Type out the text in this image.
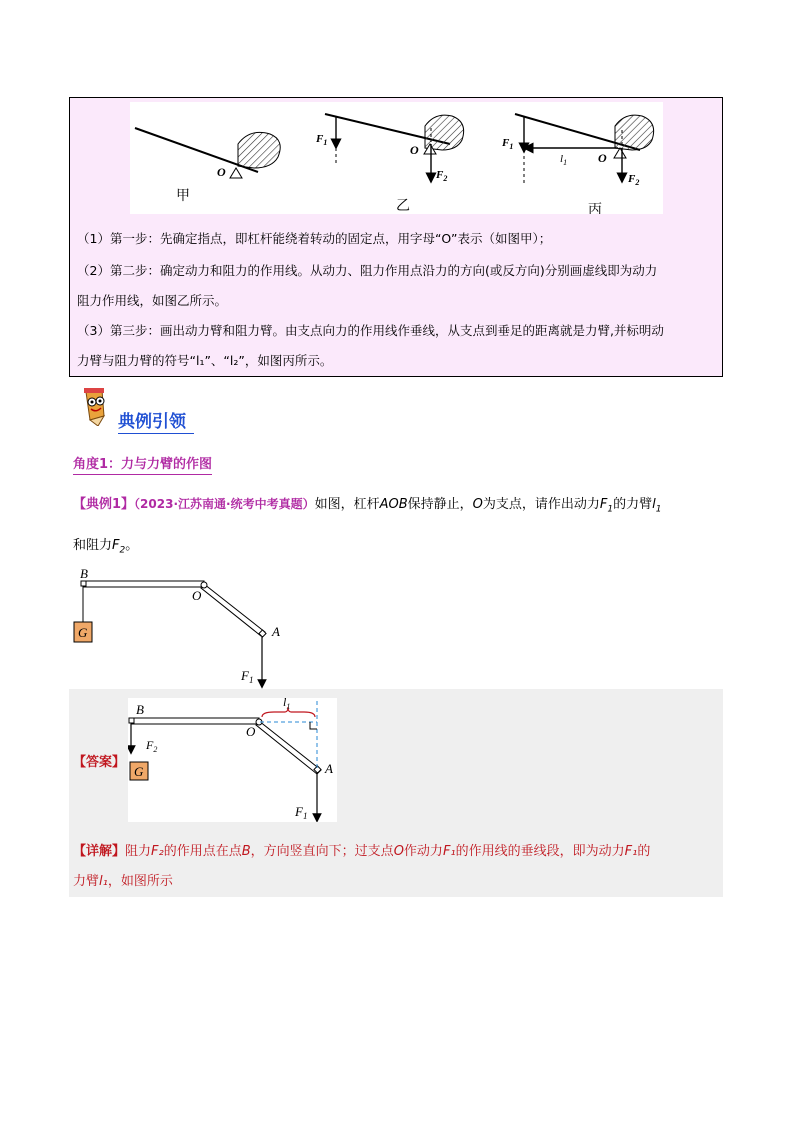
O
甲
$F_1$
O
$F_2$
乙
$F_1$
$l_1$	O
$F_2$
丙
（1）第一步：先确定指点，即杠杆能绕着转动的固定点，用字母“O”表示（如图甲）；
（2）第二步：确定动力和阻力的作用线。从动力、阻力作用点沿力的方向(或反方向)分别画虚线即为动力
阻力作用线，如图乙所示。
（3）第三步：画出动力臂和阻力臂。由支点向力的作用线作垂线，从支点到垂足的距离就是力臂,并标明动
力臂与阻力臂的符号“l₁”、“l₂”，如图丙所示。
典例引领
角度1：力与力臂的作图
【典例1】（2023·江苏南通·统考中考真题）如图，杠杆AOB保持静止，O为支点，请作出动力$F_1$的力臂$l_1$
和阻力$F_2$。
G
B
O
A
$F_1$
【答案】
G
$l_1$
B
O
A
$F_2$
$F_1$
【详解】阻力F₂的作用点在点B，方向竖直向下；过支点O作动力F₁的作用线的垂线段，即为动力F₁的
力臂l₁，如图所示
